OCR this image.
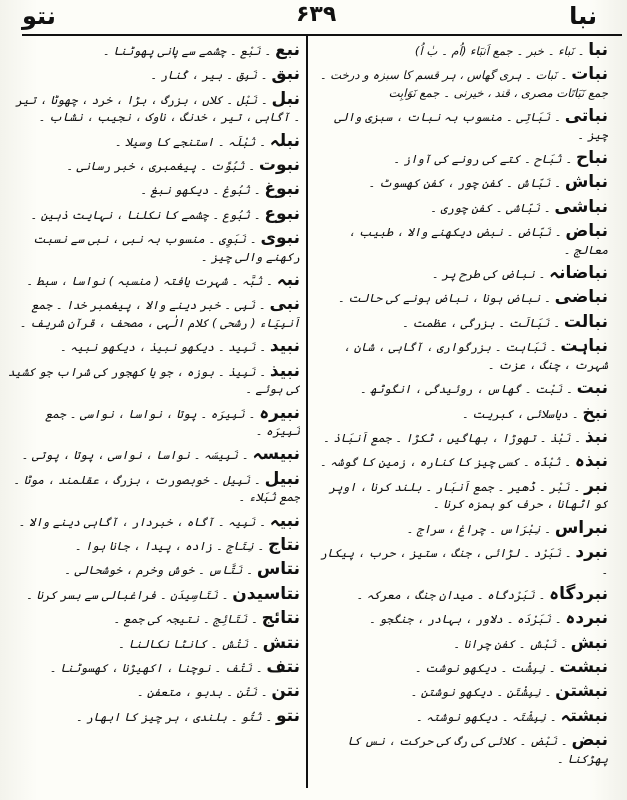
نتو	۶۳۹	نبا

نبا۔ نَباء ۔ خبر ۔ جمع اَنبَاء (اُم ۔ بٰ اُ)

نبات۔ نَبات ۔ ہری گھاس ، ہر قسم کا سبزہ و درخت ۔ جمع نَبَاتَات مصری ، قند ، خیرنی ۔ جمع نَوَابِت

نباتی۔ نَبَاتِی ۔ منسوب بہ نبات ، سبزی والی چیز ۔

نباح۔ نُبَاح ۔ کتے کی رونے کی آواز ۔

نباش۔ نَبّاش ۔ کفن چور ، کفن کھسوٹ ۔

نباشی۔ نَبّاشی ۔ کفن چوری ۔

نباض۔ نَبّاض ۔ نبض دیکھنے والا ، طبیب ، معالج ۔

نباضانہ۔ نباض کی طرح پر ۔

نباضی۔ نباض ہونا ، نباض ہونے کی حالت ۔

نبالت۔ نَبَالَت ۔ بزرگی ، عظمت ۔

نباہت۔ نَبَاہت ۔ بزرگواری ، آگاہی ، شان ، شہرت ، چنگ ، عزت ۔

نبت۔ نَبْت ۔ گھاس ، روئیدگی ، انگوٹھ ۔

نبخ۔ دیاسلائی ، کبریت ۔

نبذ۔ نَبْذ ۔ تھوڑا ، بھاگیں ، ٹکڑا ۔ جمع اَنبَاذ ۔

نبذہ۔ نُبْذَہ ۔ کسی چیز کا کنارہ ، زمین کا گوشہ ۔

نبر۔ نَبْر ۔ ڈھیر ۔ جمع اَنبَار ۔ بلند کرنا ، اوپر کو اٹھانا ، حرف کو ہمزہ کرنا ۔

نبراس۔ نِبْرَاس ۔ چراغ ، سراج ۔

نبرد۔ نَبَرْد ۔ لڑائی ، جنگ ، ستیز ، حرب ، پیکار ۔

نبردگاہ۔ نَبَرْدگاہ ۔ میدان جنگ ، معرکہ ۔

نبردہ۔ نَبَرْدَہ ۔ دلاور ، بہادر ، جنگجو ۔

نبش۔ نَبْش ۔ کفن چرانا ۔

نبشت۔ نِبِشْت ۔ دیکھو نوشت ۔

نبشتن۔ نِبِشْتَن ۔ دیکھو نوشتن ۔

نبشتہ۔ نِبِشْتَہ ۔ دیکھو نوشتہ ۔

نبض۔ نَبْض ۔ کلائی کی رگ کی حرکت ، نس کا پھڑکنا ۔

نبع۔ نَبْع ۔ چشمے سے پانی پھوٹنا ۔

نبق۔ نَبِق ۔ بیر ، کُنار ۔

نبل۔ نَبْل ۔ کلاں ، بزرگ ، بڑا ، خرد ، چھوٹا ، تیر ۔ آگاہی ، تیر ، خدنگ ، ناوک ، نجیب ، نشاب ۔

نبلہ۔ نُبْلَہ ۔ استنجے کا وسیلا ۔

نبوت۔ نُبُوَّت ۔ پیغمبری ، خبر رسانی ۔

نبوغ۔ نُبُوغ ۔ دیکھو نبغ ۔

نبوع۔ نُبُوع ۔ چشمے کا نکلنا ، نہایت ذہین ۔

نبوی۔ نَبَوِی ۔ منسوب بہ نبی ، نبی سے نسبت رکھنے والی چیز ۔

نبہ۔ نُبَّہ ۔ شہرت یافتہ ( منسبہ ) نواسا ، سبط ۔

نبی۔ نَبِی ۔ خبر دینے والا ، پیغمبر خدا ۔ جمع اَنبِیَاء ( رشحی ) کلام الٰہی ، مصحف ، قرآن شریف ۔

نبید۔ نَبِید ۔ دیکھو نبیذ ، دیکھو نبیہ ۔

نبیذ۔ نَبِیذ ۔ بوزہ ، جو یا کھجور کی شراب جو کشید کی ہوئے ۔

نبیرہ۔ نَبِیرَہ ۔ پوتا ، نواسا ، نواسی ۔ جمع نَبِیرَہ ۔

نبیسہ۔ نَبِیسَہ ۔ نواسا ، نواسی ، پوتا ، پوتی ۔

نبیل۔ نَبِیل ۔ خوبصورت ، بزرگ ، عقلمند ، موٹا ۔ جمع نُبَلاء ۔

نبیہ۔ نَبِیہ ۔ آگاہ ، خبردار ، آگاہی دینے والا ۔

نتاج۔ نِتَاج ۔ زادہ ، پیدا ، جانا ہوا ۔

نتاس۔ نَتَّاس ۔ خوش وخرم ، خوشحالی ۔

نتاسیدن۔ نَتَاسِیدَن ۔ فراغبالی سے بسر کرنا ۔

نتائج۔ نَتَائِج ۔ نتیجہ کی جمع ۔

نتش۔ نَتْش ۔ کانٹا نکالنا ۔

نتف۔ نَتْف ۔ نوچنا ، اکھیڑنا ، کھسوٹنا ۔

نتن۔ نَتْن ۔ بدبو ، متعفن ۔

نتو۔ نُتُو ۔ بلندی ، ہر چیز کا ابھار ۔
